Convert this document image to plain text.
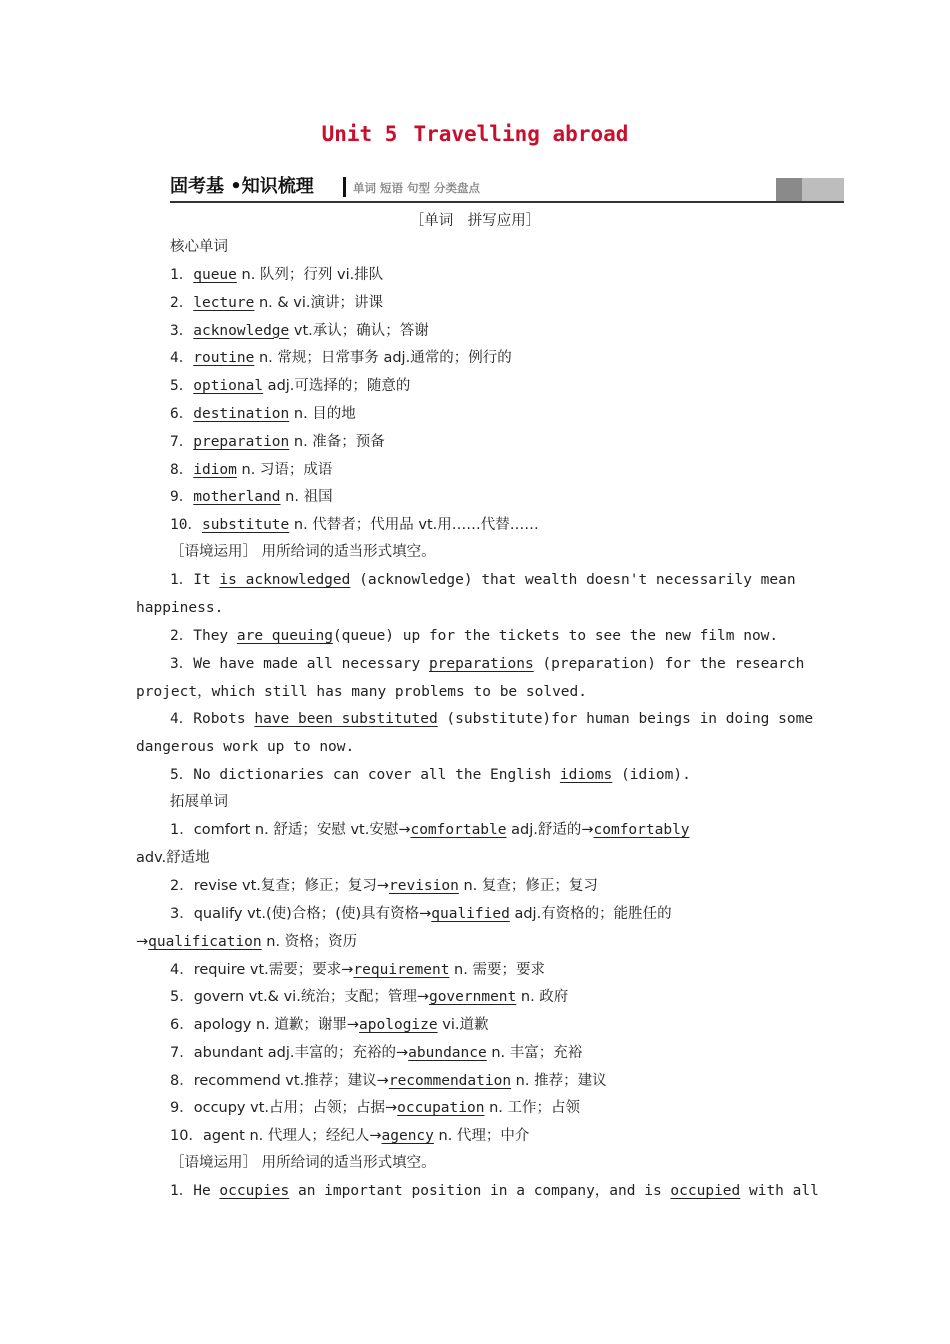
Unit 5 Travelling abroad
固考基 •知识梳理	单词 短语 句型 分类盘点
［单词　拼写应用］
核心单词
1．queue n. 队列；行列 vi.排队
2．lecture n. & vi.演讲；讲课
3．acknowledge vt.承认；确认；答谢
4．routine n. 常规；日常事务 adj.通常的；例行的
5．optional adj.可选择的；随意的
6．destination n. 目的地
7．preparation n. 准备；预备
8．idiom n. 习语；成语
9．motherland n. 祖国
10．substitute n. 代替者；代用品 vt.用……代替……
［语境运用］ 用所给词的适当形式填空。
1．It is acknowledged (acknowledge) that wealth doesn't necessarily mean
happiness.
2．They are queuing(queue) up for the tickets to see the new film now.
3．We have made all necessary preparations (preparation) for the research
project，which still has many problems to be solved.
4．Robots have been substituted (substitute)for human beings in doing some
dangerous work up to now.
5．No dictionaries can cover all the English idioms (idiom).
拓展单词
1．comfort n. 舒适；安慰 vt.安慰→comfortable adj.舒适的→comfortably
adv.舒适地
2．revise vt.复查；修正；复习→revision n. 复查；修正；复习
3．qualify vt.(使)合格；(使)具有资格→qualified adj.有资格的；能胜任的
→qualification n. 资格；资历
4．require vt.需要；要求→requirement n. 需要；要求
5．govern vt.& vi.统治；支配；管理→government n. 政府
6．apology n. 道歉；谢罪→apologize vi.道歉
7．abundant adj.丰富的；充裕的→abundance n. 丰富；充裕
8．recommend vt.推荐；建议→recommendation n. 推荐；建议
9．occupy vt.占用；占领；占据→occupation n. 工作；占领
10．agent n. 代理人；经纪人→agency n. 代理；中介
［语境运用］ 用所给词的适当形式填空。
1．He occupies an important position in a company，and is occupied with all
